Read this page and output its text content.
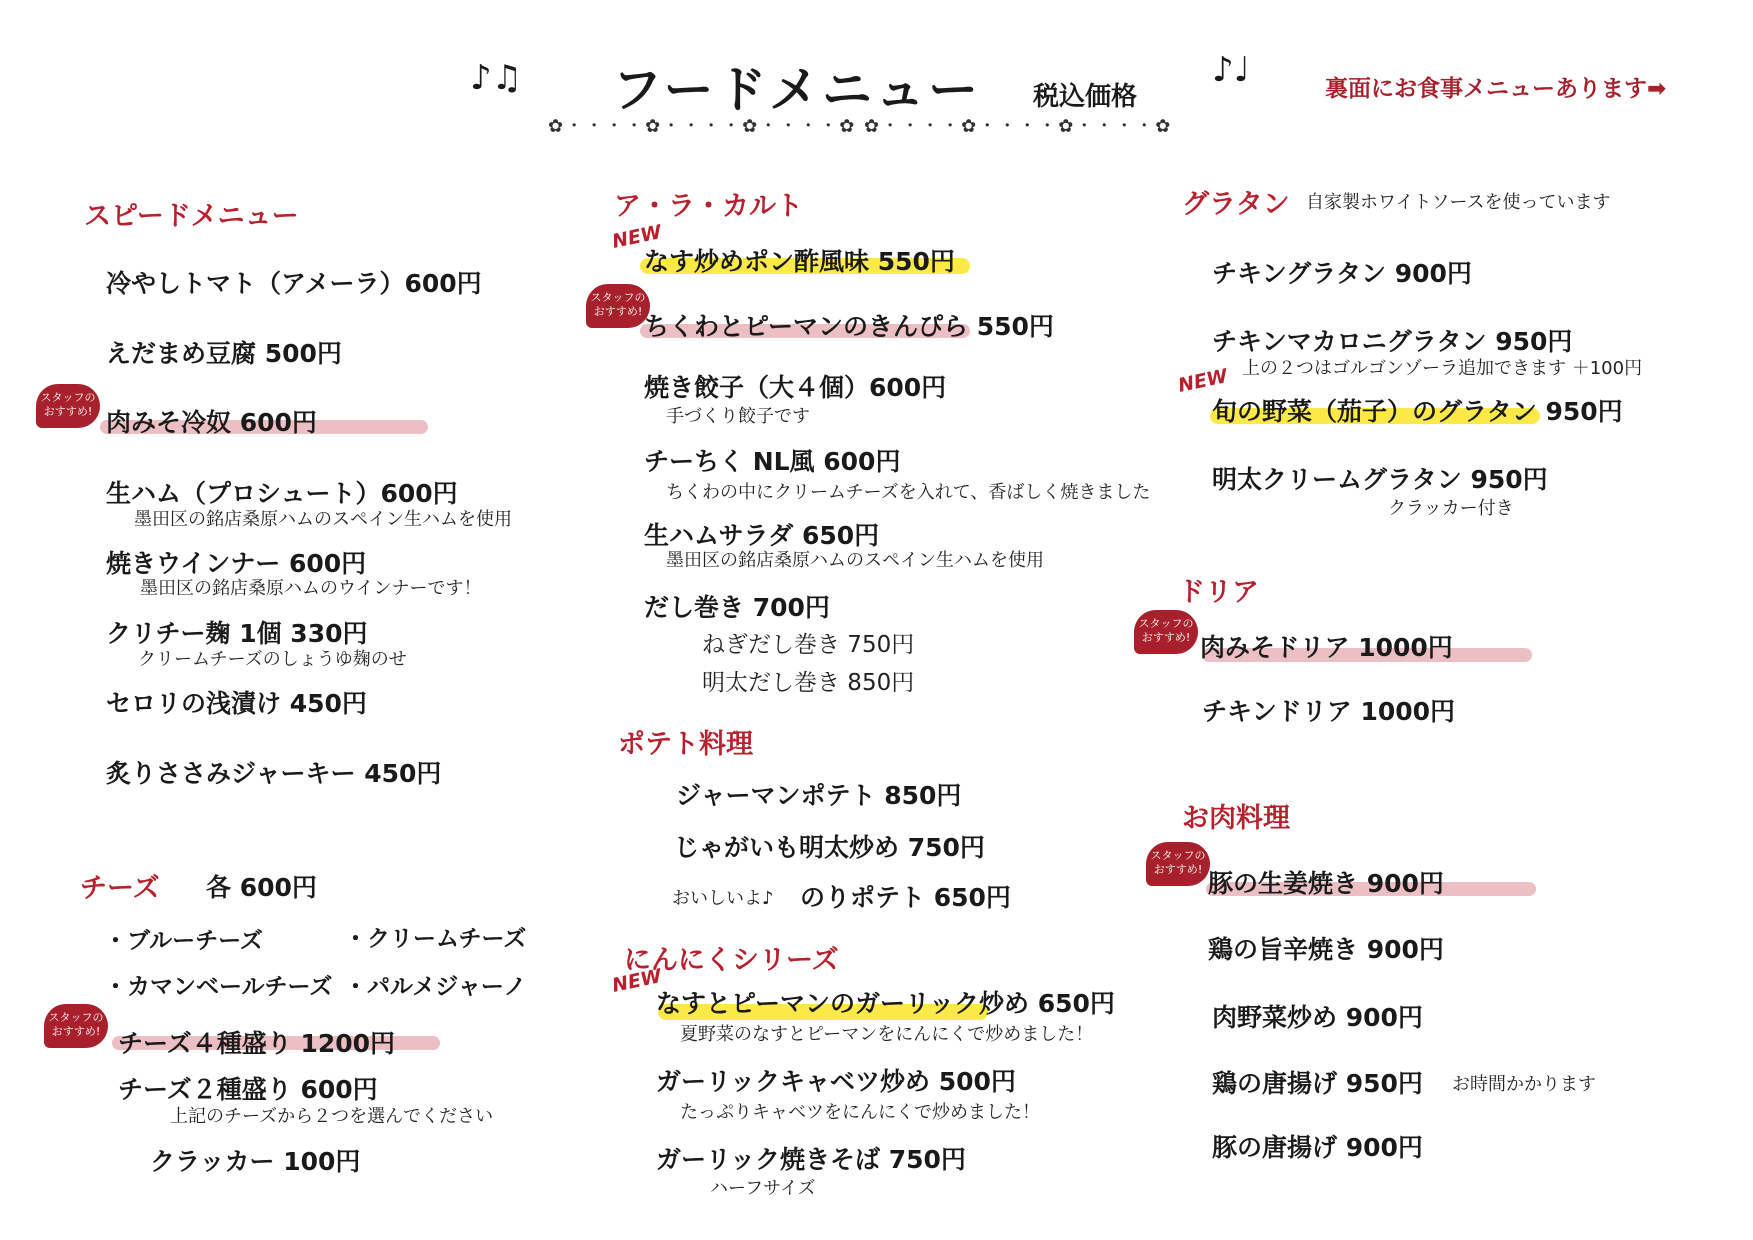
♪♫ フードメニュー 税込価格
♪♩	裏面にお食事メニューあります➡
✿・・・・✿・・・・✿・・・・✿ ✿・・・・✿・・・・✿・・・・✿
スピードメニュー
冷やしトマト（アメーラ）600円
えだまめ豆腐 500円
スタッフの
おすすめ! 肉みそ冷奴 600円
生ハム（プロシュート）600円
墨田区の銘店桑原ハムのスペイン生ハムを使用
焼きウインナー 600円
墨田区の銘店桑原ハムのウインナーです！
クリチー麹 1個 330円
クリームチーズのしょうゆ麹のせ
セロリの浅漬け 450円
炙りささみジャーキー 450円
チーズ 各 600円
・ブルーチーズ	・クリームチーズ
・カマンベールチーズ ・パルメジャーノ
スタッフの
おすすめ! チーズ４種盛り 1200円
チーズ２種盛り 600円
上記のチーズから２つを選んでください
クラッカー 100円
ア・ラ・カルト
NEW
なす炒めポン酢風味 550円
スタッフの
おすすめ!
ちくわとピーマンのきんぴら 550円
焼き餃子（大４個）600円
手づくり餃子です
チーちく NL風 600円
ちくわの中にクリームチーズを入れて、香ばしく焼きました
生ハムサラダ 650円
墨田区の銘店桑原ハムのスペイン生ハムを使用
だし巻き 700円
ねぎだし巻き 750円
明太だし巻き 850円
ポテト料理
ジャーマンポテト 850円
じゃがいも明太炒め 750円
おいしいよ♪ のりポテト 650円
にんにくシリーズ
NEW
なすとピーマンのガーリック炒め 650円
夏野菜のなすとピーマンをにんにくで炒めました！
ガーリックキャベツ炒め 500円
たっぷりキャベツをにんにくで炒めました！
ガーリック焼きそば 750円
ハーフサイズ
グラタン 自家製ホワイトソースを使っています
チキングラタン 900円
チキンマカロニグラタン 950円
上の２つはゴルゴンゾーラ追加できます ＋100円
NEW
旬の野菜（茄子）のグラタン 950円
明太クリームグラタン 950円
クラッカー付き
ドリア
スタッフの
おすすめ! 肉みそドリア 1000円
チキンドリア 1000円
お肉料理
スタッフの
おすすめ! 豚の生姜焼き 900円
鶏の旨辛焼き 900円
肉野菜炒め 900円
鶏の唐揚げ 950円 お時間かかります
豚の唐揚げ 900円
